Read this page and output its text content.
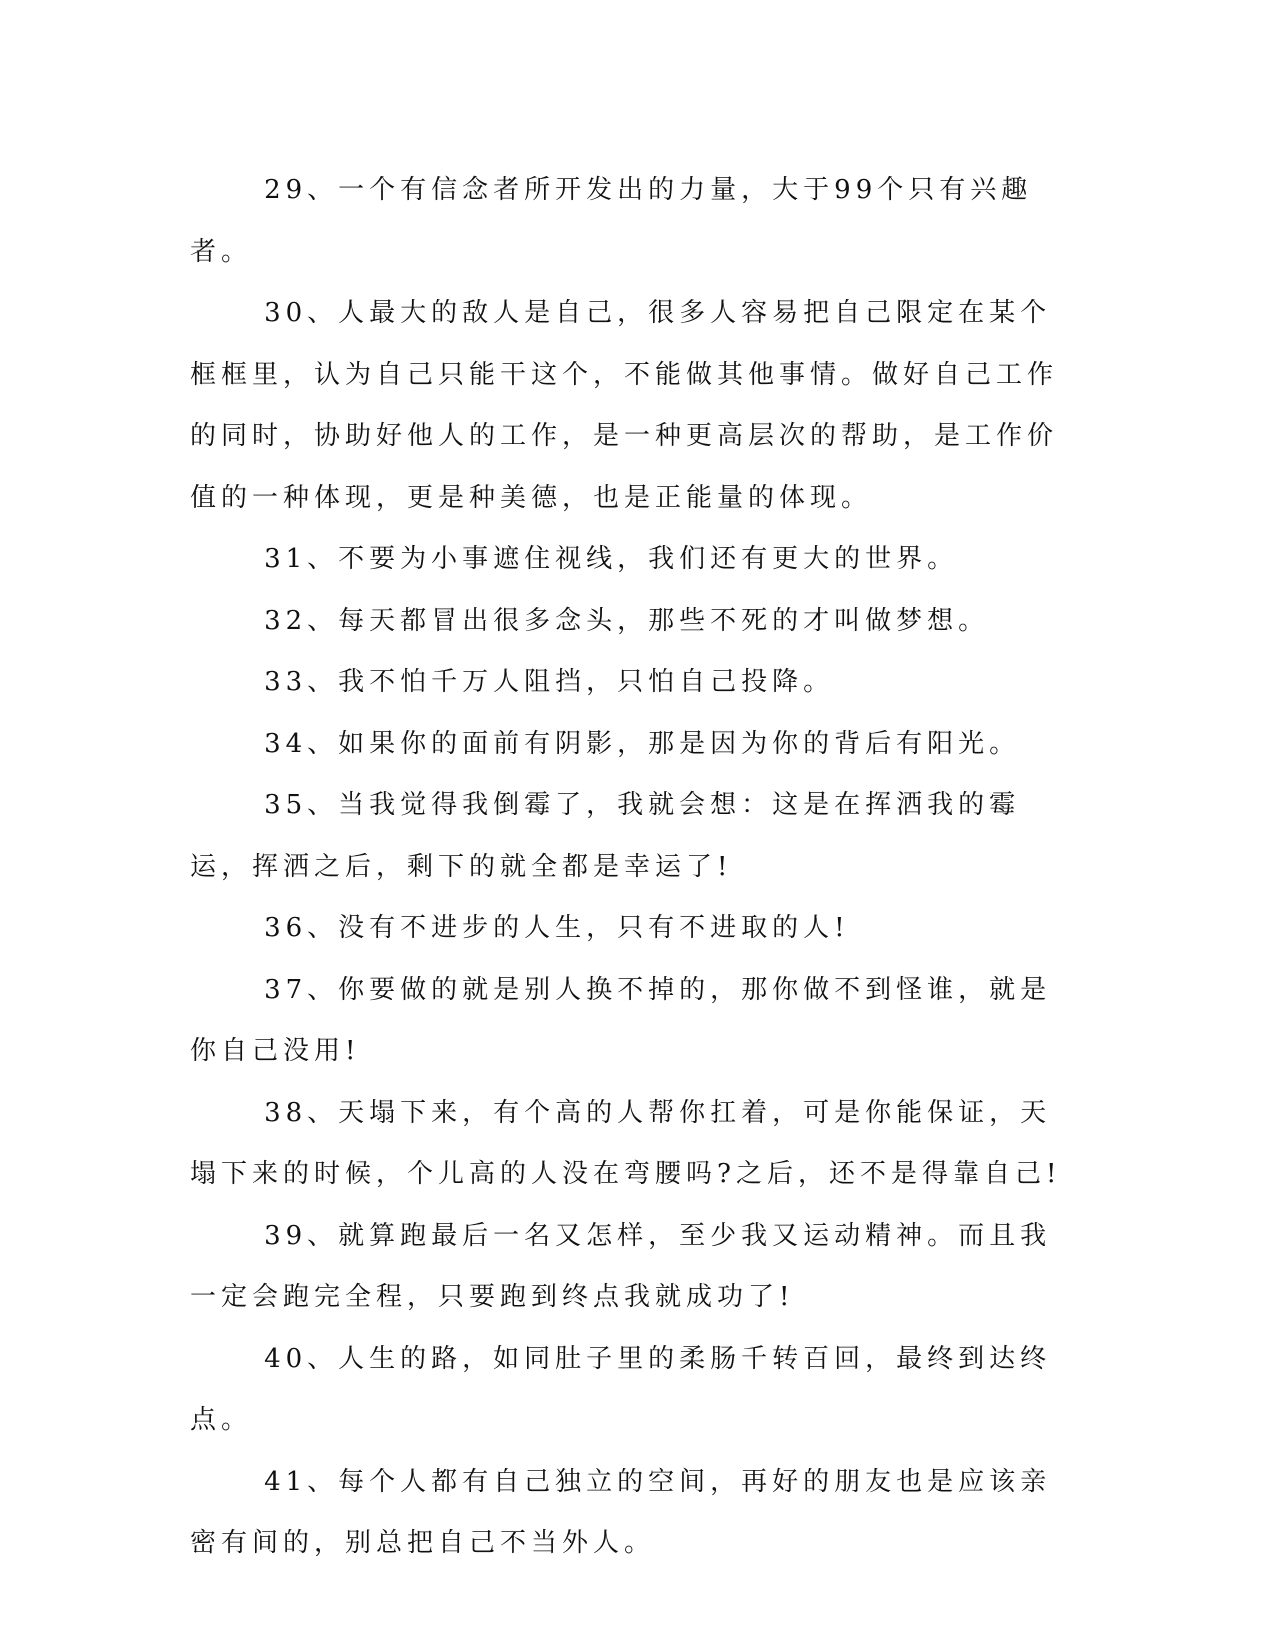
29、一个有信念者所开发出的力量，大于99个只有兴趣者。

30、人最大的敌人是自己，很多人容易把自己限定在某个框框里，认为自己只能干这个，不能做其他事情。做好自己工作的同时，协助好他人的工作，是一种更高层次的帮助，是工作价值的一种体现，更是种美德，也是正能量的体现。

31、不要为小事遮住视线，我们还有更大的世界。

32、每天都冒出很多念头，那些不死的才叫做梦想。

33、我不怕千万人阻挡，只怕自己投降。

34、如果你的面前有阴影，那是因为你的背后有阳光。

35、当我觉得我倒霉了，我就会想：这是在挥洒我的霉运，挥洒之后，剩下的就全都是幸运了!

36、没有不进步的人生，只有不进取的人!

37、你要做的就是别人换不掉的，那你做不到怪谁，就是你自己没用!

38、天塌下来，有个高的人帮你扛着，可是你能保证，天塌下来的时候，个儿高的人没在弯腰吗?之后，还不是得靠自己!

39、就算跑最后一名又怎样，至少我又运动精神。而且我一定会跑完全程，只要跑到终点我就成功了!

40、人生的路，如同肚子里的柔肠千转百回，最终到达终点。

41、每个人都有自己独立的空间，再好的朋友也是应该亲密有间的，别总把自己不当外人。
